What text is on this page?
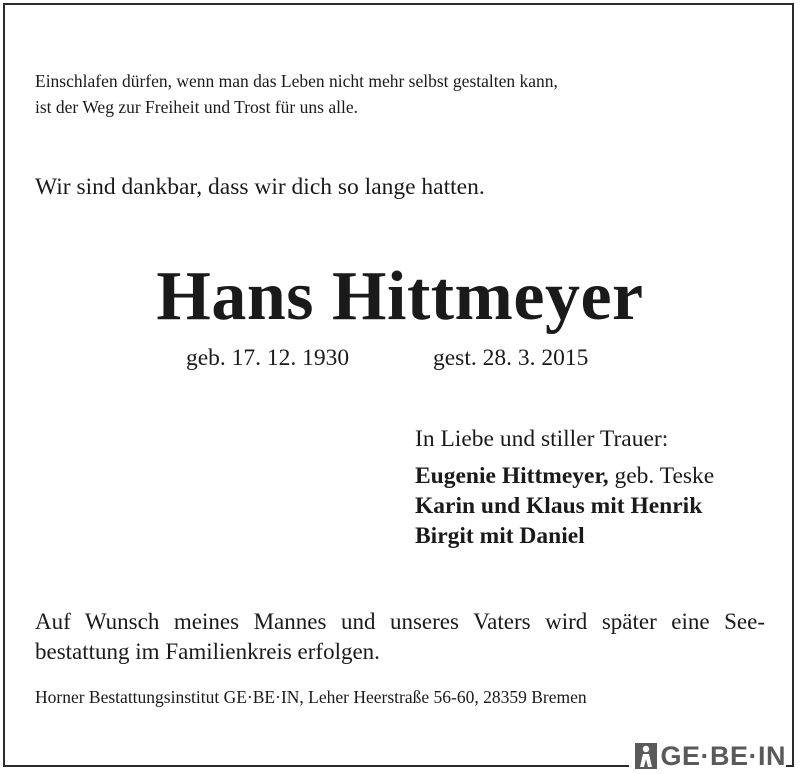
Einschlafen dürfen, wenn man das Leben nicht mehr selbst gestalten kann,
ist der Weg zur Freiheit und Trost für uns alle.
Wir sind dankbar, dass wir dich so lange hatten.
Hans Hittmeyer
geb. 17. 12. 1930	gest. 28. 3. 2015
In Liebe und stiller Trauer:
Eugenie Hittmeyer, geb. Teske
Karin und Klaus mit Henrik
Birgit mit Daniel
Auf Wunsch meines Mannes und unseres Vaters wird später eine See-
bestattung im Familienkreis erfolgen.
Horner Bestattungsinstitut GE·BE·IN, Leher Heerstraße 56-60, 28359 Bremen
GE·BE·IN
